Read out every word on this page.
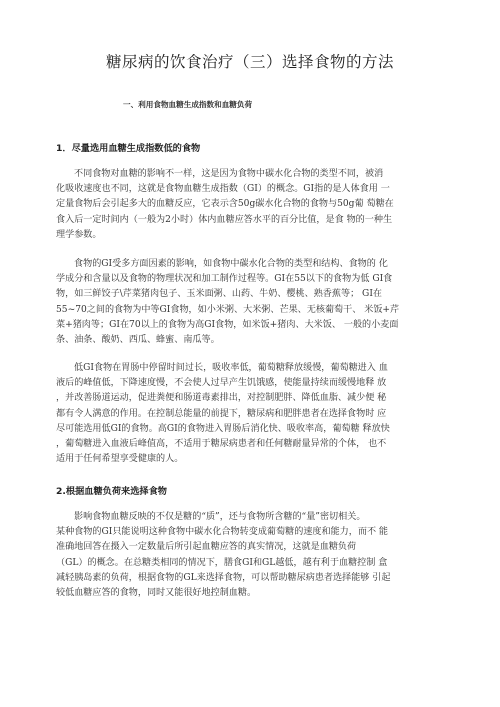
糖尿病的饮食治疗（三）选择食物的方法
一、利用食物血糖生成指数和血糖负荷
1．尽量选用血糖生成指数低的食物

不同食物对血糖的影响不一样，这是因为食物中碳水化合物的类型不同，被消
化吸收速度也不同，这就是食物血糖生成指数（GI）的概念。GI指的是人体食用 一
定量食物后会引起多大的血糖反应，它表示含50g碳水化合物的食物与50g葡 萄糖在
食入后一定时间内（一般为2小时）体内血糖应答水平的百分比值，是食 物的一种生
理学参数。

食物的GI受多方面因素的影响，如食物中碳水化合物的类型和结构、食物的 化
学成分和含量以及食物的物理状况和加工制作过程等。GI在55以下的食物为低 GI食
物，如三鲜饺子\芹菜猪肉包子、玉米面粥、山药、牛奶、樱桃、熟香蕉等； GI在
55~70之间的食物为中等GI食物，如小米粥、大米粥、芒果、无核葡萄干、 米饭+芹
菜+猪肉等；GI在70以上的食物为高GI食物，如米饭+猪肉、大米饭、 一般的小麦面
条、油条、酸奶、西瓜、蜂蜜、南瓜等。

低GI食物在胃肠中停留时间过长，吸收率低，葡萄糖释放缓慢，葡萄糖进入 血
液后的峰值低，下降速度慢，不会使人过早产生饥饿感，使能量持续而缓慢地释 放
，并改善肠道运动，促进粪便和肠道毒素排出，对控制肥胖、降低血脂、减少便 秘
都有令人满意的作用。在控制总能量的前提下，糖尿病和肥胖患者在选择食物时 应
尽可能选用低GI的食物。高GI的食物进入胃肠后消化快、吸收率高，葡萄糖 释放快
，葡萄糖进入血液后峰值高，不适用于糖尿病患者和任何糖耐量异常的个体， 也不
适用于任何希望享受健康的人。

2.根据血糖负荷来选择食物

影响食物血糖反映的不仅是糖的“质”，还与食物所含糖的“量”密切相关。
某种食物的GI只能说明这种食物中碳水化合物转变成葡萄糖的速度和能力，而不 能
准确地回答在摄入一定数量后所引起血糖应答的真实情况，这就是血糖负荷
（GL）的概念。在总糖类相同的情况下，膳食GI和GL越低，越有利于血糖控制 盒
减轻胰岛素的负荷，根据食物的GL来选择食物，可以帮助糖尿病患者选择能够 引起
较低血糖应答的食物，同时又能很好地控制血糖。
